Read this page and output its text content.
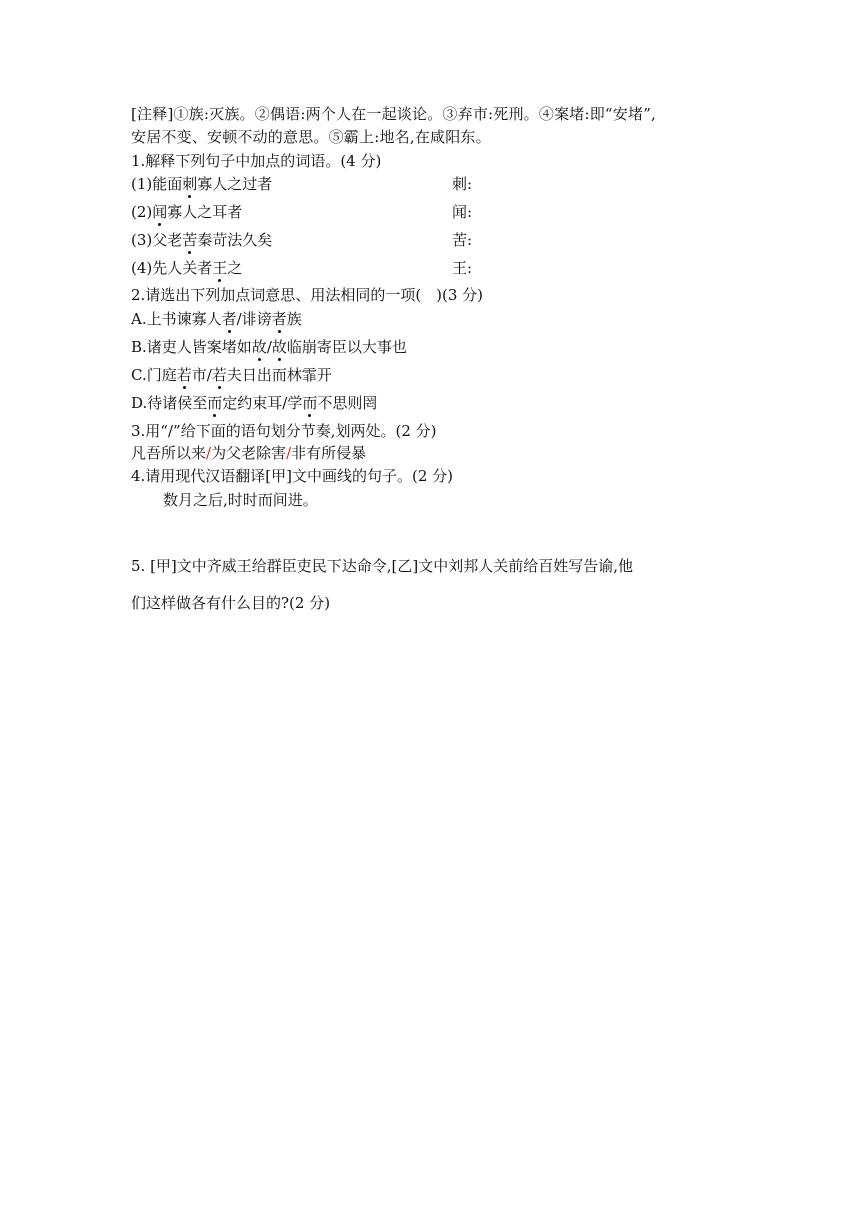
[注释]①族:灭族。②偶语:两个人在一起谈论。③弃市:死刑。④案堵:即“安堵”,
安居不变、安顿不动的意思。⑤霸上:地名,在咸阳东。
1.解释下列句子中加点的词语。(4 分)
(1)能面刺寡人之过者	刺:
(2)闻寡人之耳者	闻:
(3)父老苦秦苛法久矣	苦:
(4)先人关者王之	王:
2.请选出下列加点词意思、用法相同的一项(　)(3 分)
A.上书谏寡人者/诽谤者族
B.诸吏人皆案堵如故/故临崩寄臣以大事也
C.门庭若市/若夫日出而林霏开
D.待诸侯至而定约束耳/学而不思则罔
3.用“/”给下面的语句划分节奏,划两处。(2 分)
凡吾所以来/为父老除害/非有所侵暴
4.请用现代汉语翻译[甲]文中画线的句子。(2 分)
数月之后,时时而间进。
5. [甲]文中齐威王给群臣吏民下达命令,[乙]文中刘邦人关前给百姓写告谕,他
们这样做各有什么目的?(2 分)
